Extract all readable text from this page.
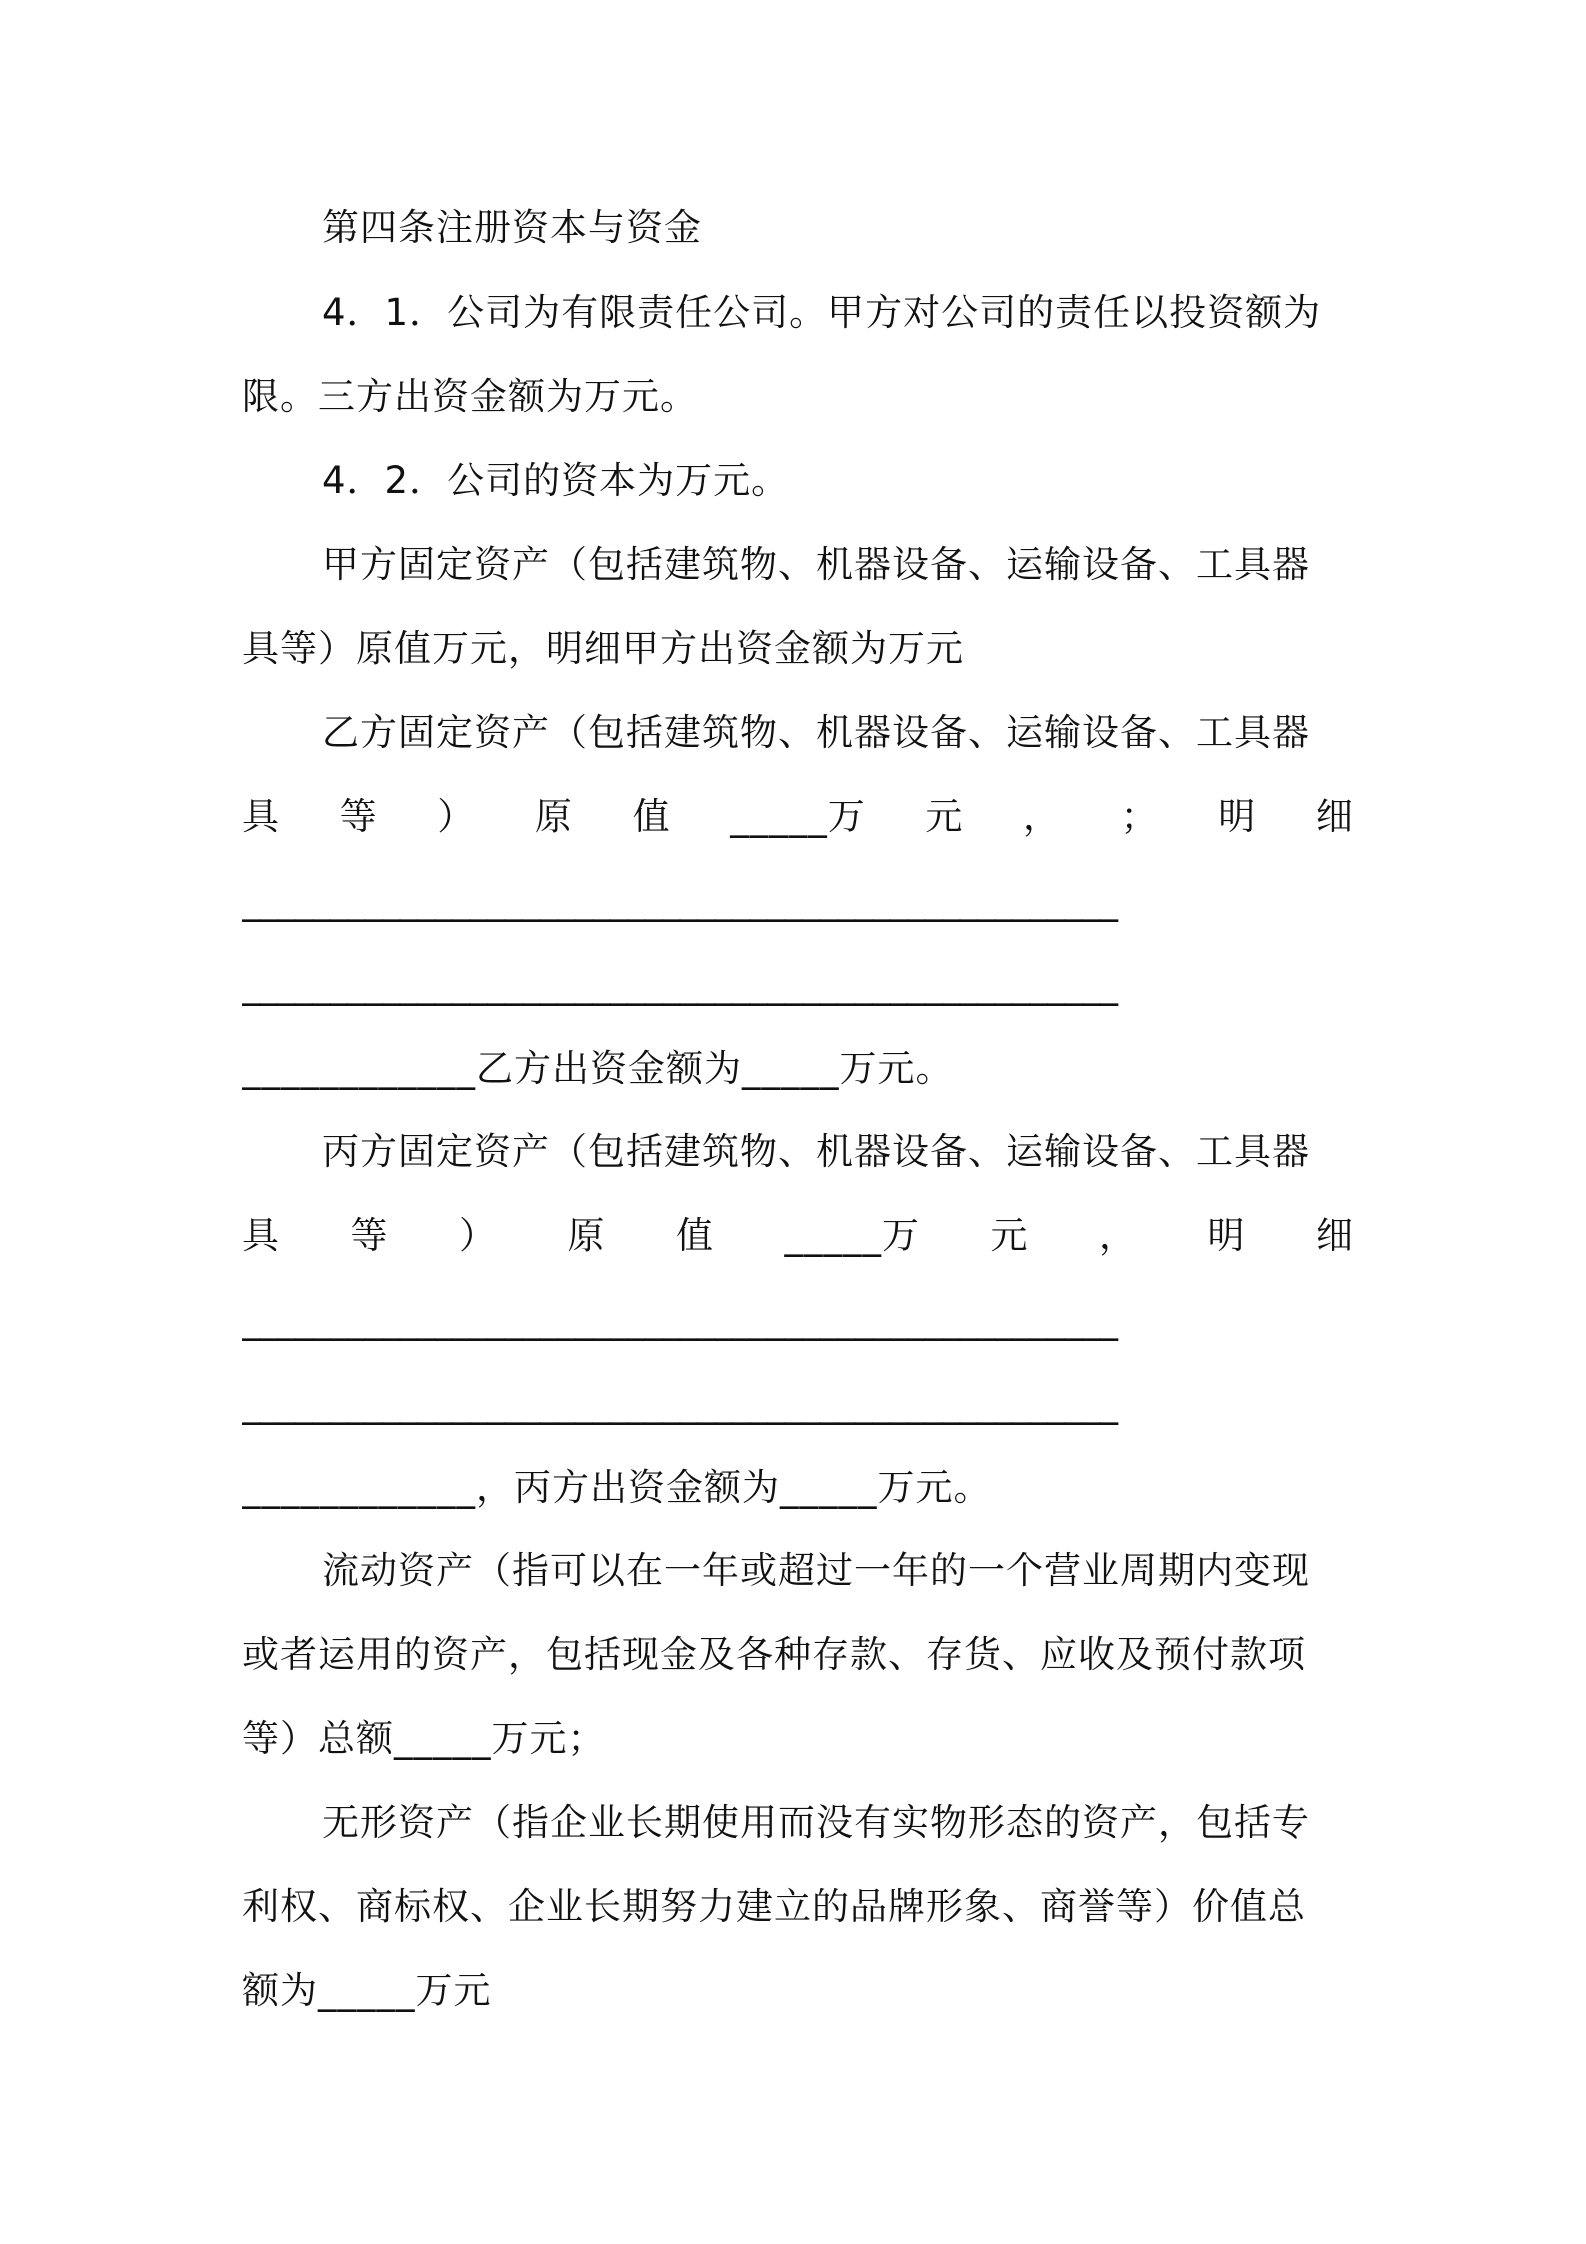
第四条注册资本与资金
4．1．公司为有限责任公司。甲方对公司的责任以投资额为
限。三方出资金额为万元。
4．2．公司的资本为万元。
甲方固定资产（包括建筑物、机器设备、运输设备、工具器
具等）原值万元，明细甲方出资金额为万元
乙方固定资产（包括建筑物、机器设备、运输设备、工具器
具 等 ） 原 值 _____万 元 ， ； 明 细
__________________________________________________
__________________________________________________
____________乙方出资金额为_____万元。
丙方固定资产（包括建筑物、机器设备、运输设备、工具器
具 等 ） 原 值 _____万 元 ， 明 细
__________________________________________________
__________________________________________________
____________，丙方出资金额为_____万元。
流动资产（指可以在一年或超过一年的一个营业周期内变现
或者运用的资产，包括现金及各种存款、存货、应收及预付款项
等）总额_____万元；
无形资产（指企业长期使用而没有实物形态的资产，包括专
利权、商标权、企业长期努力建立的品牌形象、商誉等）价值总
额为_____万元
